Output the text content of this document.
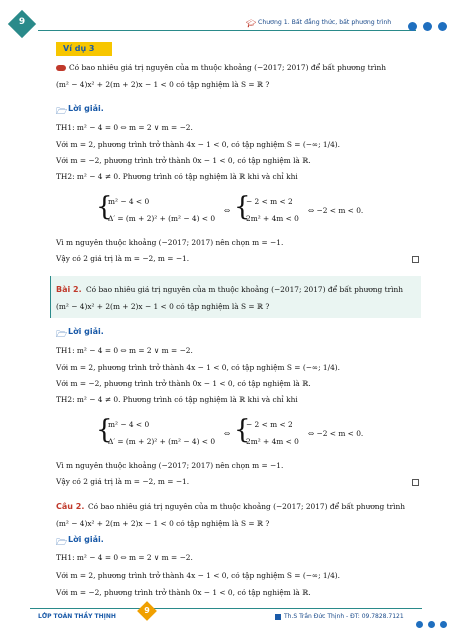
9	🎓︎ Chương 1. Bất đẳng thức, bất phương trình

Ví dụ 3
Có bao nhiêu giá trị nguyên của m thuộc khoảng (−2017; 2017) để bất phương trình
(m² − 4)x² + 2(m + 2)x − 1 < 0 có tập nghiệm là S = ℝ ?
🗁︎ Lời giải.
TH1: m² − 4 = 0 ⇔ m = 2 ∨ m = −2.
Với m = 2, phương trình trở thành 4x − 1 < 0, có tập nghiệm S = (−∞; 1/4).
Với m = −2, phương trình trở thành 0x − 1 < 0, có tập nghiệm là ℝ.
TH2: m² − 4 ≠ 0. Phương trình có tập nghiệm là ℝ khi và chỉ khi
{
m² − 4 < 0
Δ′ = (m + 2)² + (m² − 4) < 0
⇔ {
− 2 < m < 2
2m² + 4m < 0
⇔ −2 < m < 0.
Vì m nguyên thuộc khoảng (−2017; 2017) nên chọn m = −1.
Vậy có 2 giá trị là m = −2, m = −1.
Bài 2. Có bao nhiêu giá trị nguyên của m thuộc khoảng (−2017; 2017) để bất phương trình
(m² − 4)x² + 2(m + 2)x − 1 < 0 có tập nghiệm là S = ℝ ?
🗁︎ Lời giải.
TH1: m² − 4 = 0 ⇔ m = 2 ∨ m = −2.
Với m = 2, phương trình trở thành 4x − 1 < 0, có tập nghiệm S = (−∞; 1/4).
Với m = −2, phương trình trở thành 0x − 1 < 0, có tập nghiệm là ℝ.
TH2: m² − 4 ≠ 0. Phương trình có tập nghiệm là ℝ khi và chỉ khi
{
m² − 4 < 0
Δ′ = (m + 2)² + (m² − 4) < 0
⇔ {
− 2 < m < 2
2m² + 4m < 0
⇔ −2 < m < 0.
Vì m nguyên thuộc khoảng (−2017; 2017) nên chọn m = −1.
Vậy có 2 giá trị là m = −2, m = −1.
Câu 2. Có bao nhiêu giá trị nguyên của m thuộc khoảng (−2017; 2017) để bất phương trình
(m² − 4)x² + 2(m + 2)x − 1 < 0 có tập nghiệm là S = ℝ ?
🗁︎ Lời giải.
TH1: m² − 4 = 0 ⇔ m = 2 ∨ m = −2.
Với m = 2, phương trình trở thành 4x − 1 < 0, có tập nghiệm S = (−∞; 1/4).
Với m = −2, phương trình trở thành 0x − 1 < 0, có tập nghiệm là ℝ.
LỚP TOÁN THẦY THỊNH
9
Th.S Trần Đức Thịnh - ĐT: 09.7828.7121
